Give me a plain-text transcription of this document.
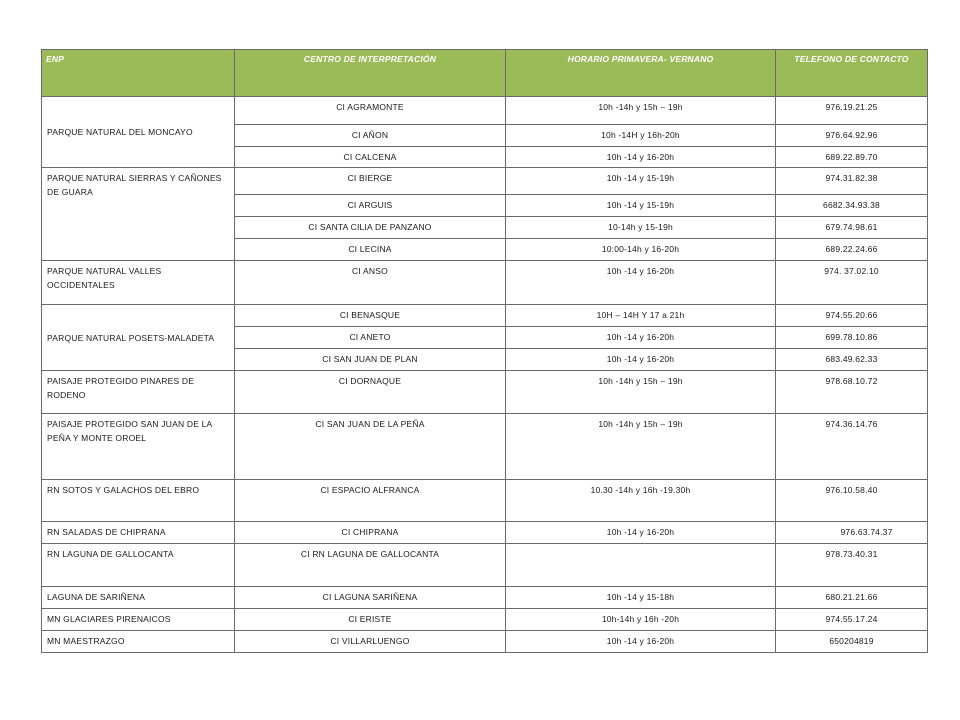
ENP	CENTRO DE INTERPRETACIÓN	HORARIO PRIMAVERA- VERNANO	TELEFONO DE CONTACTO
PARQUE NATURAL DEL MONCAYO	CI AGRAMONTE	10h -14h y 15h – 19h	976.19.21.25
	CI AÑON	10h -14H y 16h-20h	976.64.92.96
	CI CALCENA	10h -14 y 16-20h	689.22.89.70
PARQUE NATURAL SIERRAS Y CAÑONES DE GUARA	CI BIERGE	10h -14 y 15-19h	974.31.82.38
	CI ARGUIS	10h -14 y 15-19h	6682.34.93.38
	CI SANTA CILIA DE PANZANO	10-14h y 15-19h	679.74.98.61
	CI LECINA	10:00-14h y 16-20h	689.22.24.66
PARQUE NATURAL VALLES OCCIDENTALES	CI ANSO	10h -14 y 16-20h	974. 37.02.10
PARQUE NATURAL POSETS-MALADETA	CI BENASQUE	10H – 14H Y 17 a 21h	974.55.20.66
	CI ANETO	10h -14 y 16-20h	699.78.10.86
	CI SAN JUAN DE PLAN	10h -14 y 16-20h	683.49.62.33
PAISAJE PROTEGIDO PINARES DE RODENO	CI DORNAQUE	10h -14h y 15h – 19h	978.68.10.72
PAISAJE PROTEGIDO SAN JUAN DE LA PEÑA Y MONTE OROEL	CI SAN JUAN DE LA PEÑA	10h -14h y 15h – 19h	974.36.14.76
RN SOTOS Y GALACHOS DEL EBRO	CI ESPACIO ALFRANCA	10.30 -14h y 16h -19.30h	976.10.58.40
RN SALADAS DE CHIPRANA	CI CHIPRANA	10h -14 y 16-20h	976.63.74.37
RN LAGUNA DE GALLOCANTA	CI RN LAGUNA DE GALLOCANTA		978.73.40.31
LAGUNA DE SARIÑENA	CI LAGUNA SARIÑENA	10h -14 y 15-18h	680.21.21.66
MN GLACIARES PIRENAICOS	CI ERISTE	10h-14h y 16h -20h	974.55.17.24
MN MAESTRAZGO	CI VILLARLUENGO	10h -14 y 16-20h	650204819
